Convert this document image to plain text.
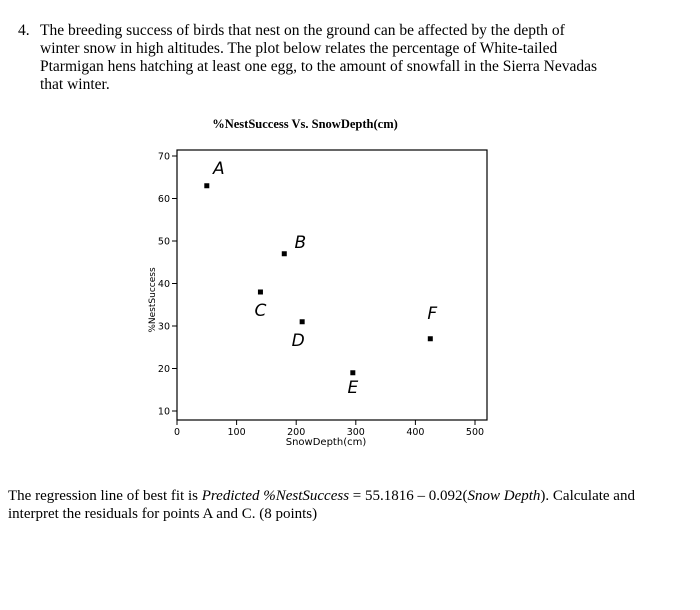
4. The breeding success of birds that nest on the ground can be affected by the depth of winter snow in high altitudes. The plot below relates the percentage of White-tailed Ptarmigan hens hatching at least one egg, to the amount of snowfall in the Sierra Nevadas that winter.
%NestSuccess Vs. SnowDepth(cm)
10
20
30
40
50
60
70
0	100	200	300	400	500
A
B
C
D
E
F
%NestSuccess
SnowDepth(cm)
The regression line of best fit is Predicted %NestSuccess = 55.1816 – 0.092(Snow Depth). Calculate and interpret the residuals for points A and C. (8 points)
